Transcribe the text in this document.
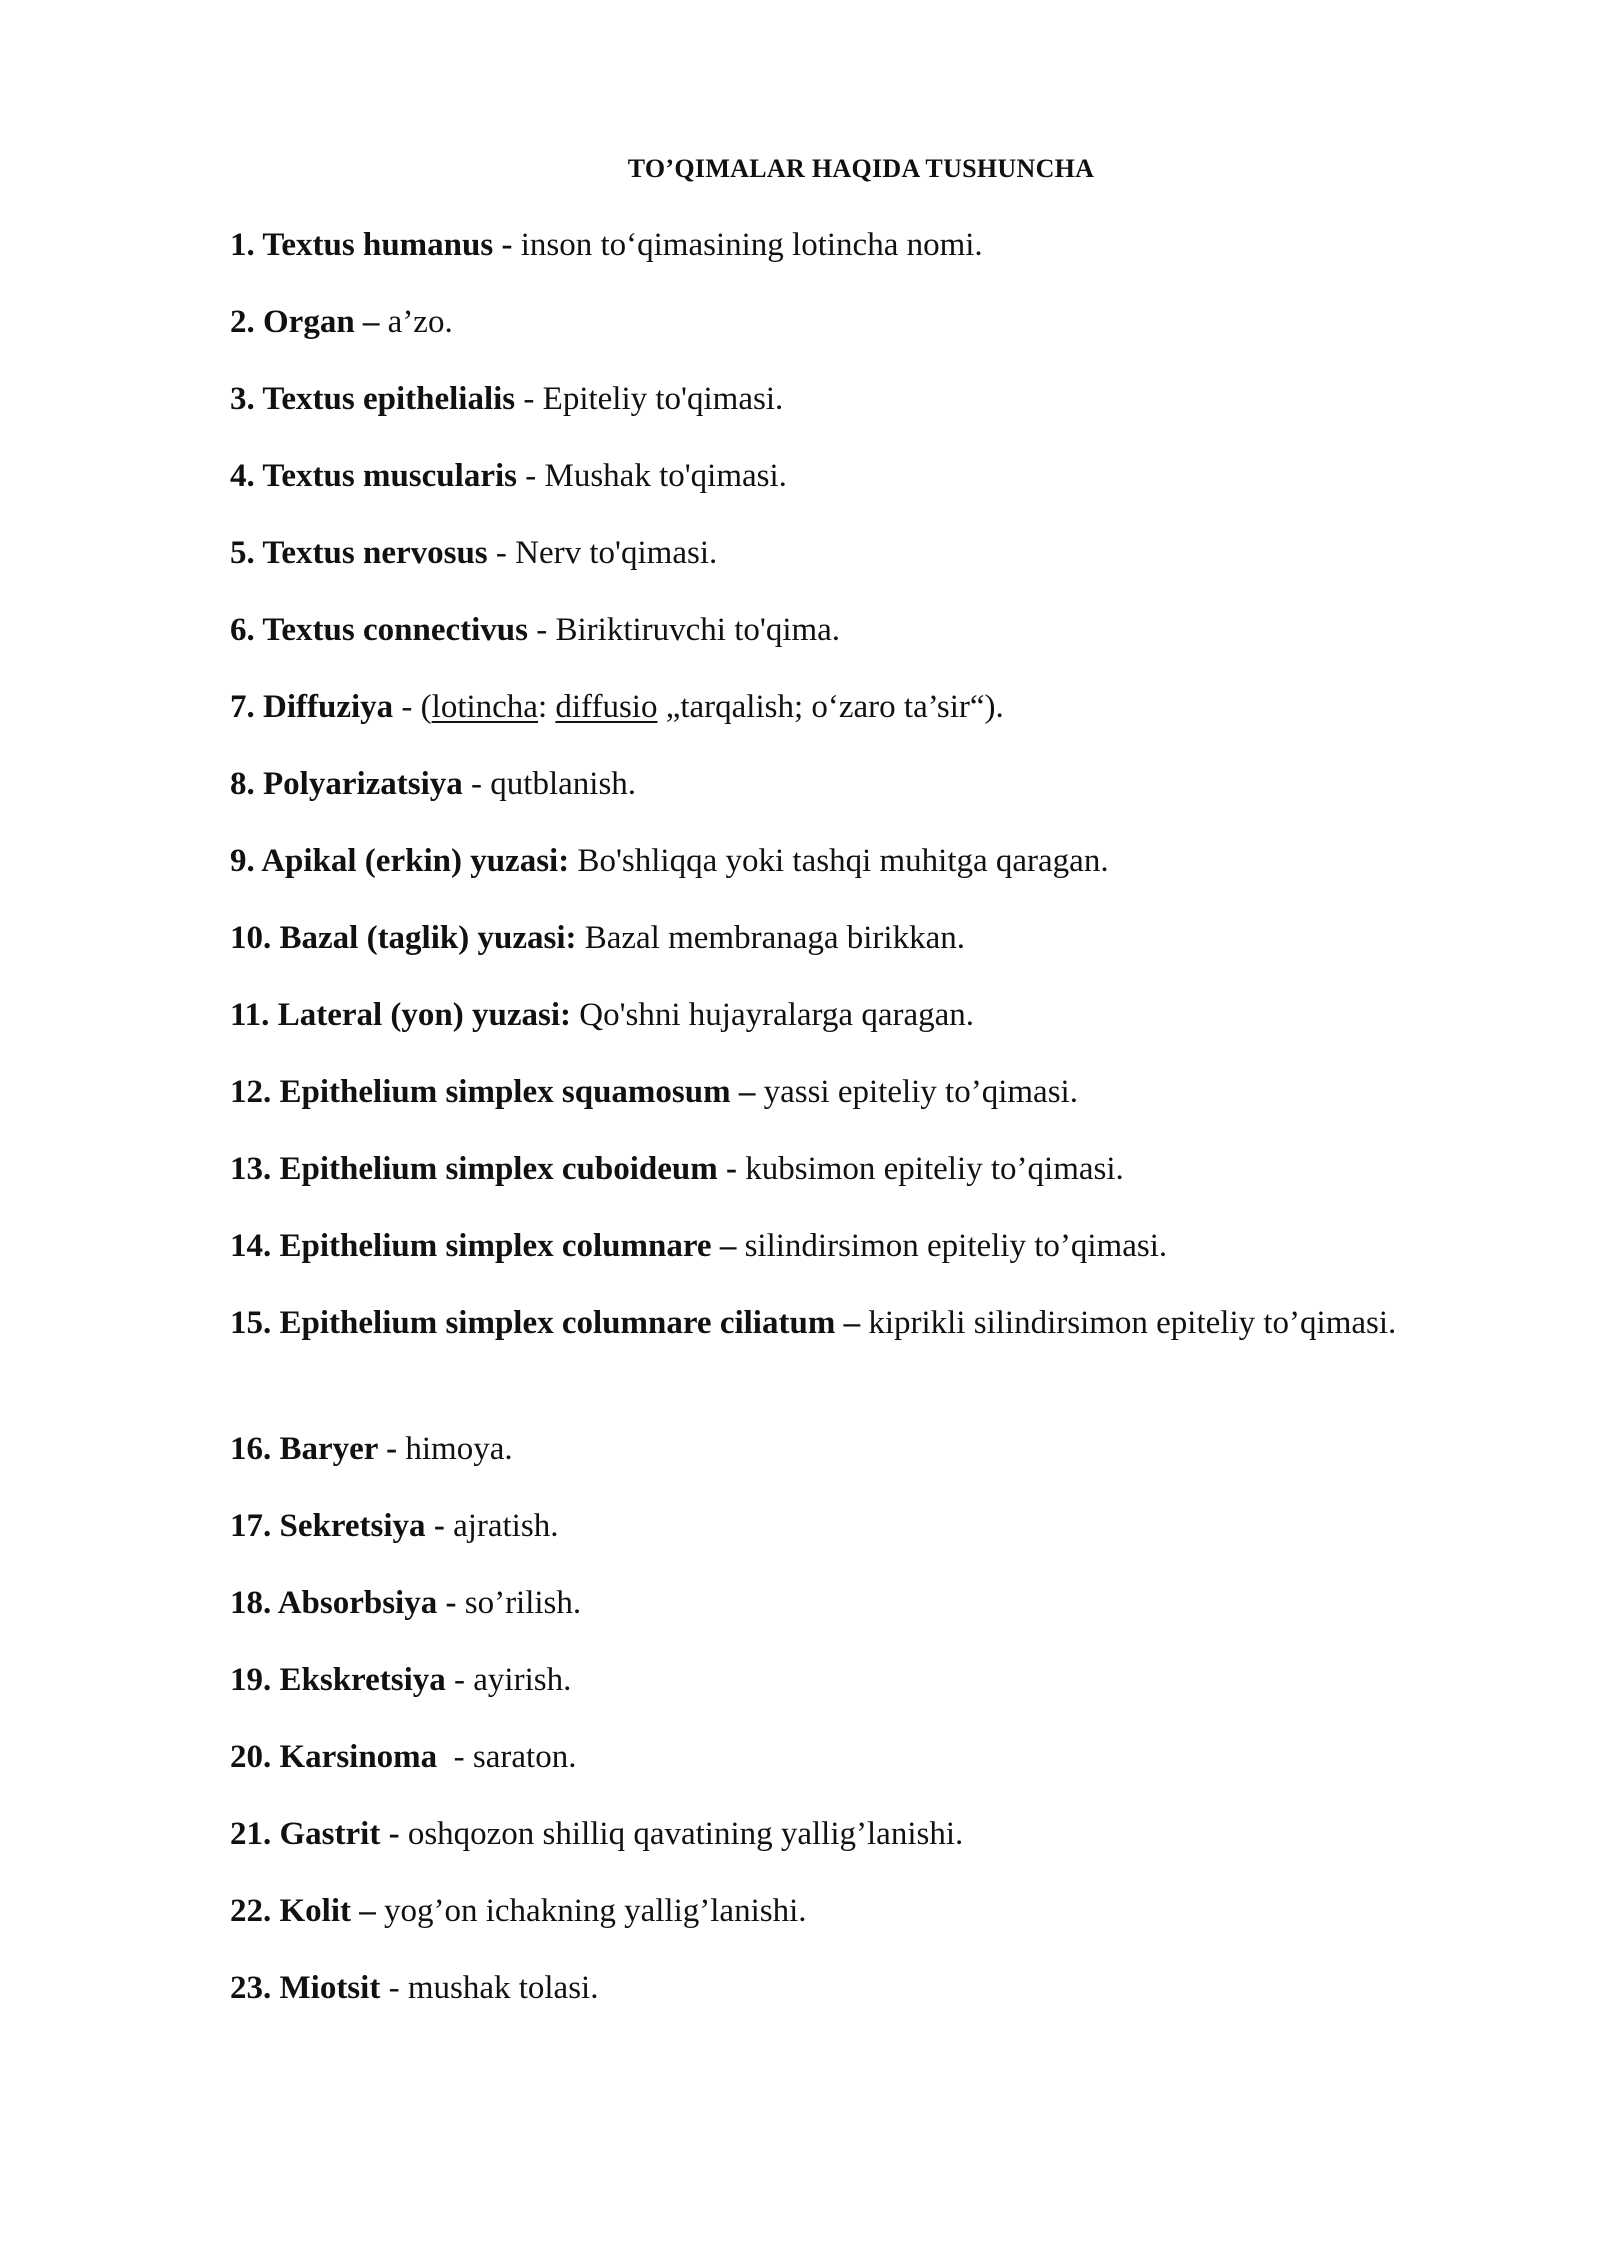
TO’QIMALAR HAQIDA TUSHUNCHA
1. Textus humanus - inson to‘qimasining lotincha nomi.
2. Organ – a’zo.
3. Textus epithelialis - Epiteliy to'qimasi.
4. Textus muscularis - Mushak to'qimasi.
5. Textus nervosus - Nerv to'qimasi.
6. Textus connectivus - Biriktiruvchi to'qima.
7. Diffuziya - (lotincha: diffusio „tarqalish; o‘zaro ta’sir“).
8. Polyarizatsiya - qutblanish.
9. Apikal (erkin) yuzasi: Bo'shliqqa yoki tashqi muhitga qaragan.
10. Bazal (taglik) yuzasi: Bazal membranaga birikkan.
11. Lateral (yon) yuzasi: Qo'shni hujayralarga qaragan.
12. Epithelium simplex squamosum – yassi epiteliy to’qimasi.
13. Epithelium simplex cuboideum - kubsimon epiteliy to’qimasi.
14. Epithelium simplex columnare – silindirsimon epiteliy to’qimasi.
15. Epithelium simplex columnare ciliatum – kiprikli silindirsimon epiteliy to’qimasi.
16. Baryer - himoya.
17. Sekretsiya - ajratish.
18. Absorbsiya - so’rilish.
19. Ekskretsiya - ayirish.
20. Karsinoma  - saraton.
21. Gastrit - oshqozon shilliq qavatining yallig’lanishi.
22. Kolit – yog’on ichakning yallig’lanishi.
23. Miotsit - mushak tolasi.
